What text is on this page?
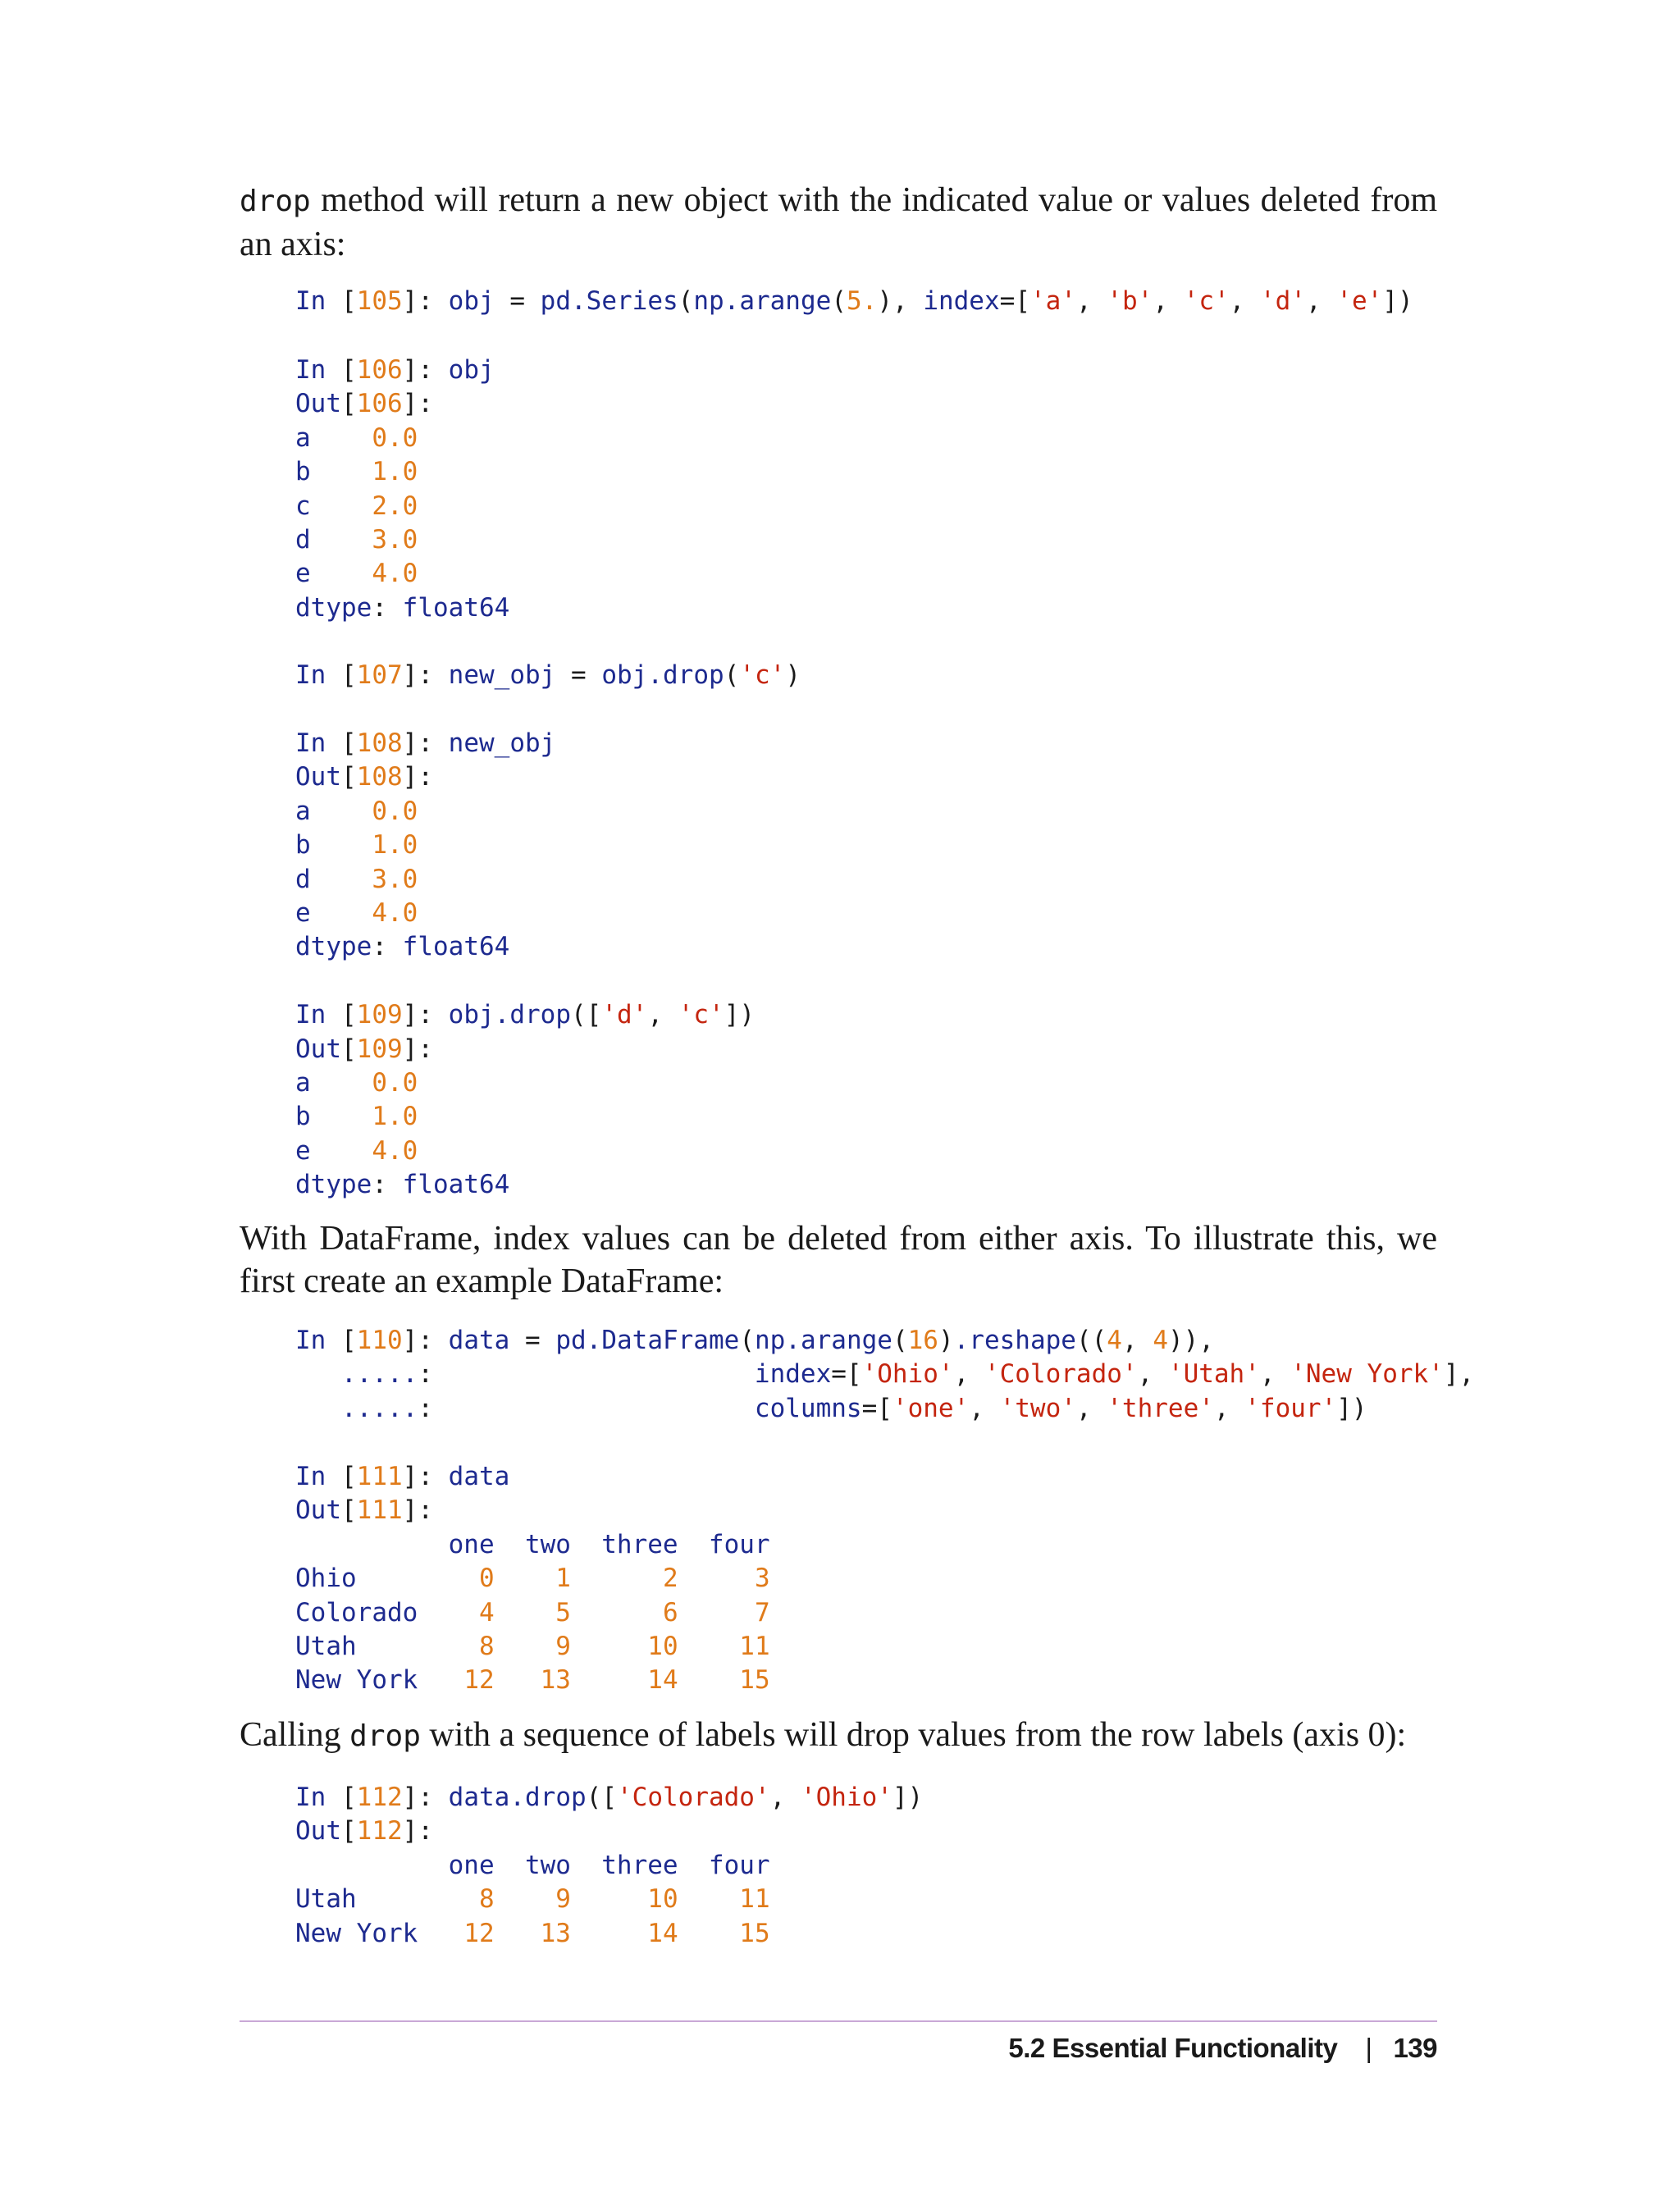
drop method will return a new object with the indicated value or values deleted from an axis:

In [105]: obj = pd.Series(np.arange(5.), index=['a', 'b', 'c', 'd', 'e'])
In [106]: obj
Out[106]:
a    0.0
b    1.0
c    2.0
d    3.0
e    4.0
dtype: float64
In [107]: new_obj = obj.drop('c')
In [108]: new_obj
Out[108]:
a    0.0
b    1.0
d    3.0
e    4.0
dtype: float64

In [109]: obj.drop(['d', 'c'])
Out[109]:
a    0.0
b    1.0
e    4.0
dtype: float64

With DataFrame, index values can be deleted from either axis. To illustrate this, we first create an example DataFrame:

In [110]: data = pd.DataFrame(np.arange(16).reshape((4, 4)),
.....:                     index=['Ohio', 'Colorado', 'Utah', 'New York'],
.....:                     columns=['one', 'two', 'three', 'four'])
In [111]: data
Out[111]:
one  two  three  four
Ohio        0 1	2	3
Colorado    4 5	6	7
Utah        8 9	10 11
New York   12 13	14 15

Calling drop with a sequence of labels will drop values from the row labels (axis 0):

In [112]: data.drop(['Colorado', 'Ohio'])
Out[112]:
one  two  three  four
Utah        8 9	10 11
New York   12 13	14 15
5.2 Essential Functionality | 139
